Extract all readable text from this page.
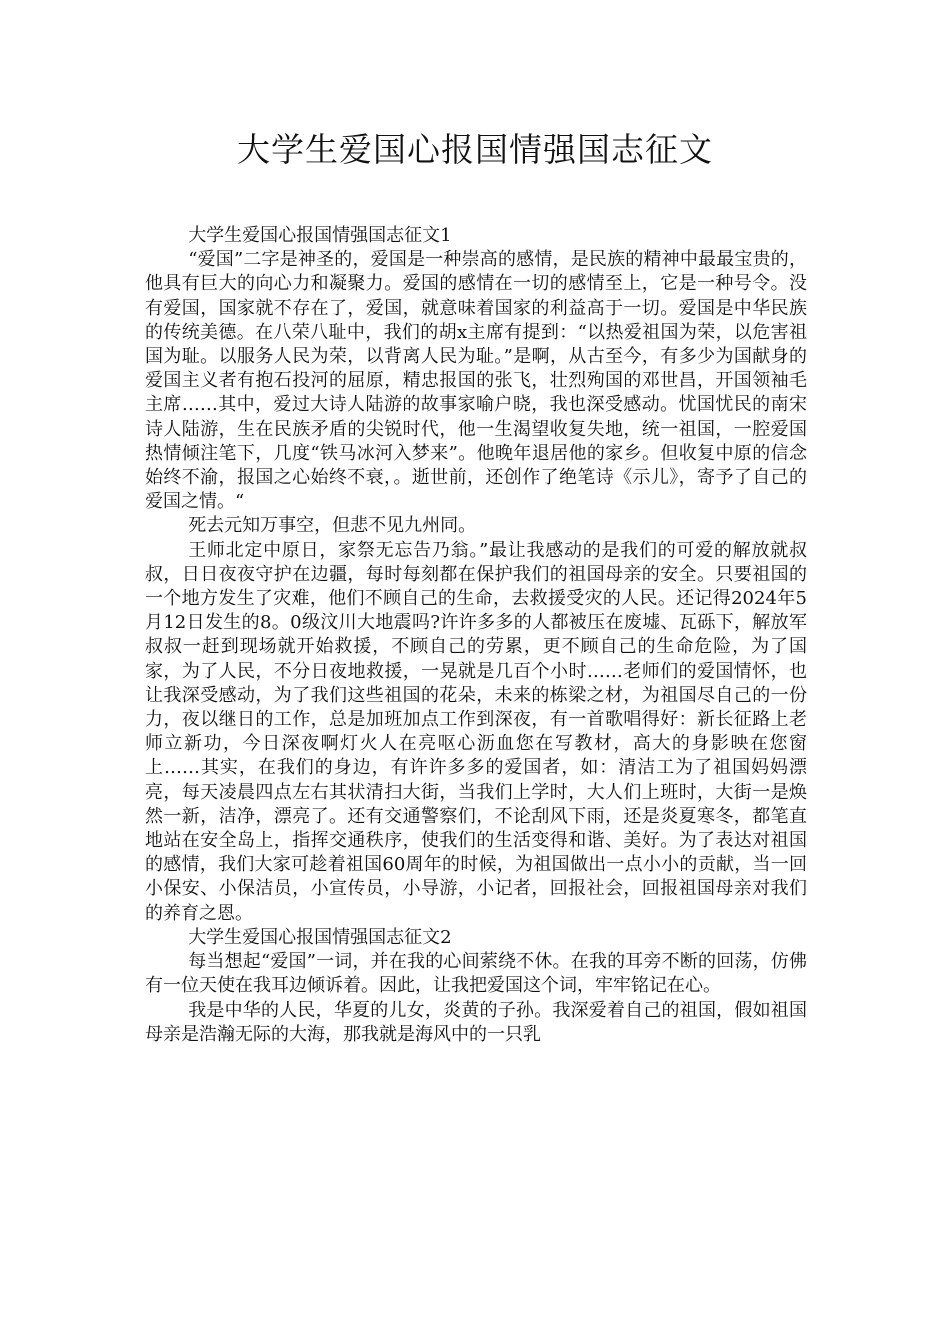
大学生爱国心报国情强国志征文

大学生爱国心报国情强国志征文1

“爱国”二字是神圣的，爱国是一种崇高的感情，是民族的精神中最最宝贵的，他具有巨大的向心力和凝聚力。爱国的感情在一切的感情至上，它是一种号令。没有爱国，国家就不存在了，爱国，就意味着国家的利益高于一切。爱国是中华民族的传统美德。在八荣八耻中，我们的胡x主席有提到：“以热爱祖国为荣，以危害祖国为耻。以服务人民为荣，以背离人民为耻。”是啊，从古至今，有多少为国献身的爱国主义者有抱石投河的屈原，精忠报国的张飞，壮烈殉国的邓世昌，开国领袖毛主席……其中，爱过大诗人陆游的故事家喻户晓，我也深受感动。忧国忧民的南宋诗人陆游，生在民族矛盾的尖锐时代，他一生渴望收复失地，统一祖国，一腔爱国热情倾注笔下，几度“铁马冰河入梦来”。他晚年退居他的家乡。但收复中原的信念始终不渝，报国之心始终不衰，。逝世前，还创作了绝笔诗《示儿》，寄予了自己的爱国之情。“

死去元知万事空，但悲不见九州同。

王师北定中原日，家祭无忘告乃翁。”最让我感动的是我们的可爱的解放就叔叔，日日夜夜守护在边疆，每时每刻都在保护我们的祖国母亲的安全。只要祖国的一个地方发生了灾难，他们不顾自己的生命，去救援受灾的人民。还记得2024年5月12日发生的8。0级汶川大地震吗?许许多多的人都被压在废墟、瓦砾下，解放军叔叔一赶到现场就开始救援，不顾自己的劳累，更不顾自己的生命危险，为了国家，为了人民，不分日夜地救援，一晃就是几百个小时……老师们的爱国情怀，也让我深受感动，为了我们这些祖国的花朵，未来的栋梁之材，为祖国尽自己的一份力，夜以继日的工作，总是加班加点工作到深夜，有一首歌唱得好：新长征路上老师立新功，今日深夜啊灯火人在亮呕心沥血您在写教材，高大的身影映在您窗上……其实，在我们的身边，有许许多多的爱国者，如：清洁工为了祖国妈妈漂亮，每天凌晨四点左右其状清扫大街，当我们上学时，大人们上班时，大街一是焕然一新，洁净，漂亮了。还有交通警察们，不论刮风下雨，还是炎夏寒冬，都笔直地站在安全岛上，指挥交通秩序，使我们的生活变得和谐、美好。为了表达对祖国的感情，我们大家可趁着祖国60周年的时候，为祖国做出一点小小的贡献，当一回小保安、小保洁员，小宣传员，小导游，小记者，回报社会，回报祖国母亲对我们的养育之恩。

大学生爱国心报国情强国志征文2

每当想起“爱国”一词，并在我的心间萦绕不休。在我的耳旁不断的回荡，仿佛有一位天使在我耳边倾诉着。因此，让我把爱国这个词，牢牢铭记在心。

我是中华的人民，华夏的儿女，炎黄的子孙。我深爱着自己的祖国，假如祖国母亲是浩瀚无际的大海，那我就是海风中的一只乳
